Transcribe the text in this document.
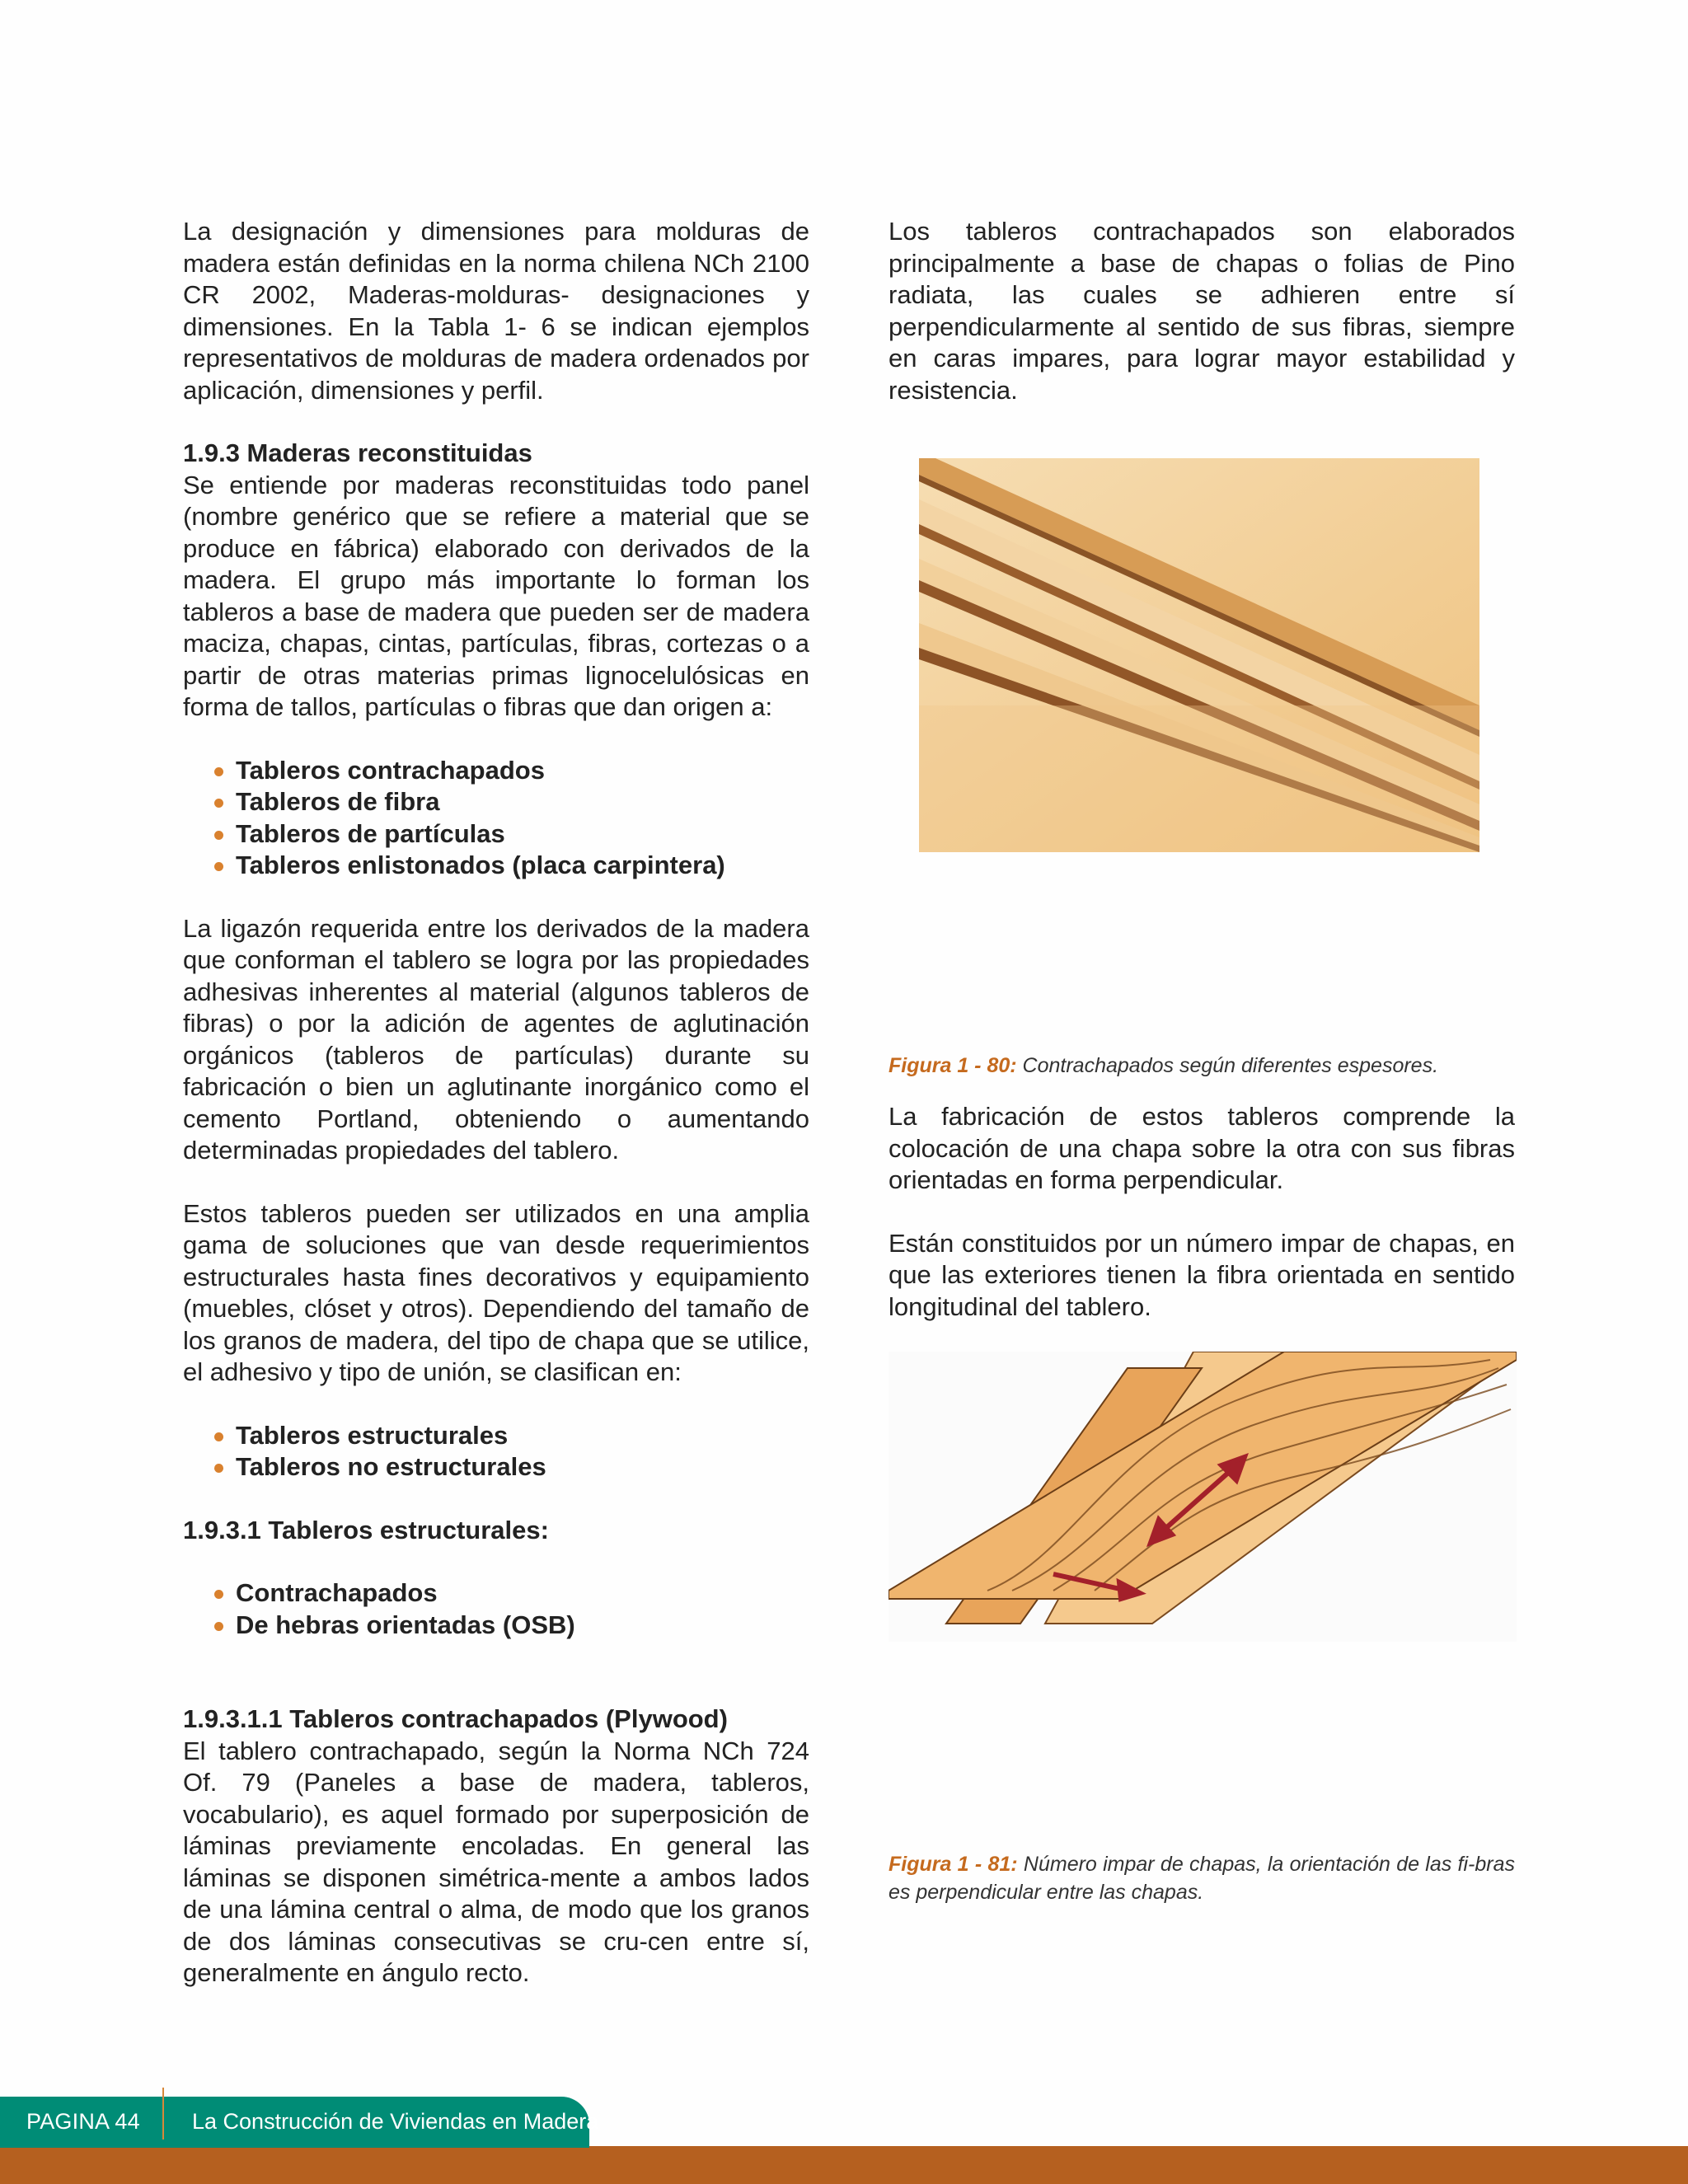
La designación y dimensiones para molduras de madera están definidas en la norma chilena NCh 2100 CR 2002, Maderas-molduras- designaciones y dimensiones. En la Tabla 1- 6 se indican ejemplos representativos de molduras de madera ordenados por aplicación, dimensiones y perfil.

1.9.3 Maderas reconstituidas

Se entiende por maderas reconstituidas todo panel (nombre genérico que se refiere a material que se produce en fábrica) elaborado con derivados de la madera. El grupo más importante lo forman los tableros a base de madera que pueden ser de madera maciza, chapas, cintas, partículas, fibras, cortezas o a partir de otras materias primas lignocelulósicas en forma de tallos, partículas o fibras que dan origen a:

Tableros contrachapados
Tableros de fibra
Tableros de partículas
Tableros enlistonados (placa carpintera)

La ligazón requerida entre los derivados de la madera que conforman el tablero se logra por las propiedades adhesivas inherentes al material (algunos tableros de fibras) o por la adición de agentes de aglutinación orgánicos (tableros de partículas) durante su fabricación o bien un aglutinante inorgánico como el cemento Portland, obteniendo o aumentando determinadas propiedades del tablero.

Estos tableros pueden ser utilizados en una amplia gama de soluciones que van desde requerimientos estructurales hasta fines decorativos y equipamiento (muebles, clóset y otros). Dependiendo del tamaño de los granos de madera, del tipo de chapa que se utilice, el adhesivo y tipo de unión, se clasifican en:

Tableros estructurales
Tableros no estructurales
1.9.3.1 Tableros estructurales:
Contrachapados
De hebras orientadas (OSB)
1.9.3.1.1 Tableros contrachapados (Plywood)

El tablero contrachapado, según la Norma NCh 724 Of. 79 (Paneles a base de madera, tableros, vocabulario), es aquel formado por superposición de láminas previamente encoladas. En general las láminas se disponen simétrica-mente a ambos lados de una lámina central o alma, de modo que los granos de dos láminas consecutivas se cru-cen entre sí, generalmente en ángulo recto.

Los tableros contrachapados son elaborados principalmente a base de chapas o folias de Pino radiata, las cuales se adhieren entre sí perpendicularmente al sentido de sus fibras, siempre en caras impares, para lograr mayor estabilidad y resistencia.

Figura 1 - 80: Contrachapados según diferentes espesores.

La fabricación de estos tableros comprende la colocación de una chapa sobre la otra con sus fibras orientadas en forma perpendicular.

Están constituidos por un número impar de chapas, en que las exteriores tienen la fibra orientada en sentido longitudinal del tablero.

Figura 1 - 81: Número impar de chapas, la orientación de las fi-bras es perpendicular entre las chapas.

PAGINA 44 La Construcción de Viviendas en Madera
